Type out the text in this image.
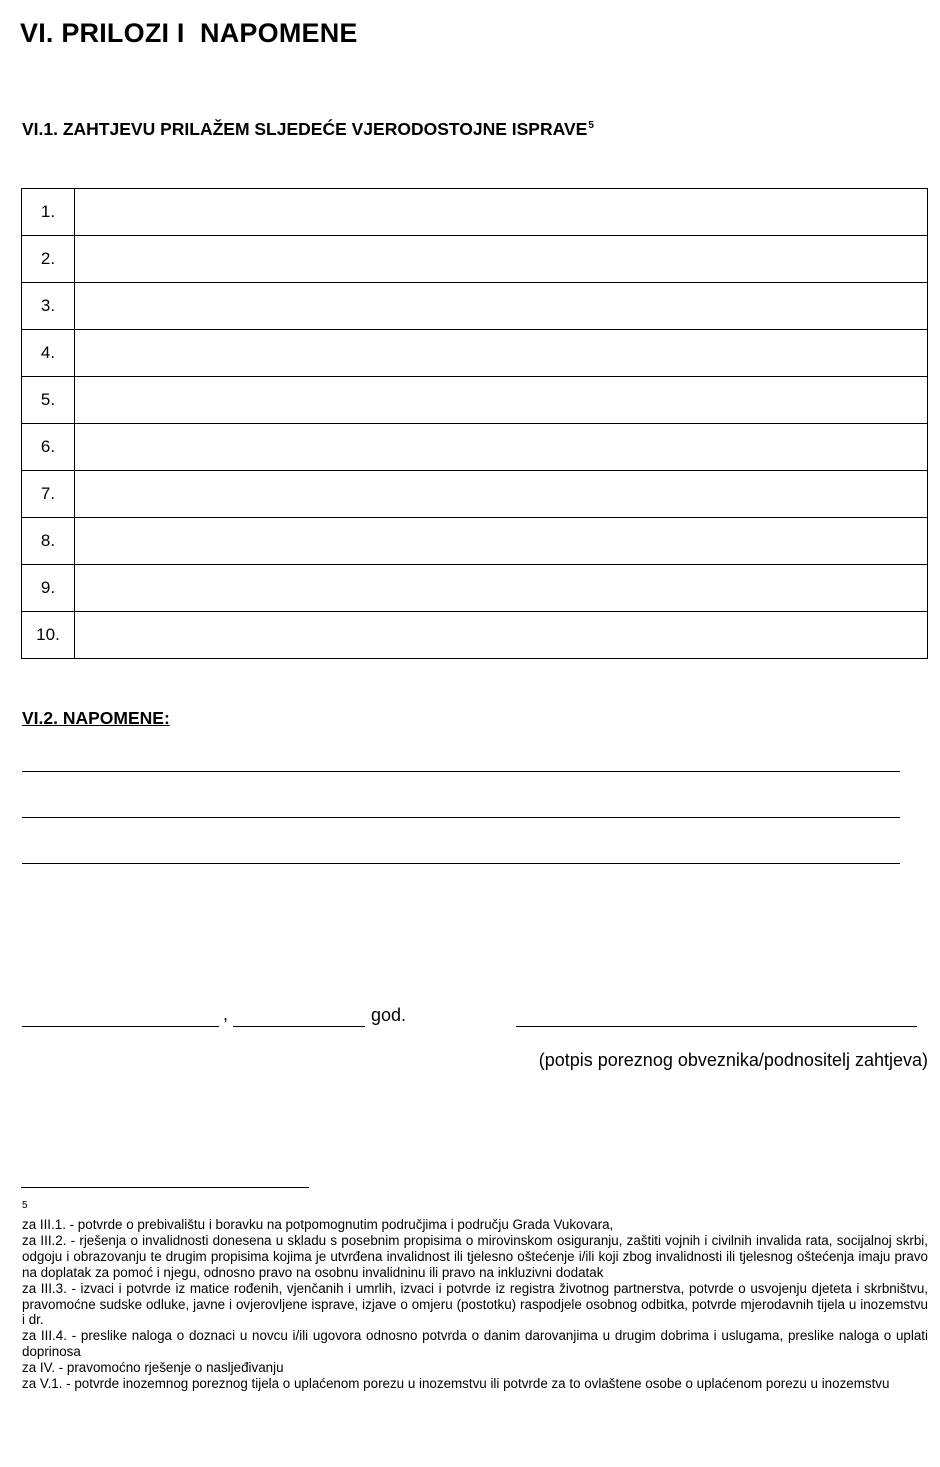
VI. PRILOZI I  NAPOMENE
VI.1. ZAHTJEVU PRILAŽEM SLJEDEĆE VJERODOSTOJNE ISPRAVE$^5$
1.	
2.	
3.	
4.	
5.	
6.	
7.	
8.	
9.	
10.	
VI.2. NAPOMENE:
,	god.
(potpis poreznog obveznika/podnositelj zahtjeva)
5

za III.1. - potvrde o prebivalištu i boravku na potpomognutim područjima i području Grada Vukovara,

za III.2. - rješenja o invalidnosti donesena u skladu s posebnim propisima o mirovinskom osiguranju, zaštiti vojnih i civilnih invalida rata, socijalnoj skrbi, odgoju i obrazovanju te drugim propisima kojima je utvrđena invalidnost ili tjelesno oštećenje i/ili koji zbog invalidnosti ili tjelesnog oštećenja imaju pravo na doplatak za pomoć i njegu, odnosno pravo na osobnu invalidninu ili pravo na inkluzivni dodatak

za III.3. - izvaci i potvrde iz matice rođenih, vjenčanih i umrlih, izvaci i potvrde iz registra životnog partnerstva, potvrde o usvojenju djeteta i skrbništvu, pravomoćne sudske odluke, javne i ovjerovljene isprave, izjave o omjeru (postotku) raspodjele osobnog odbitka, potvrde mjerodavnih tijela u inozemstvu i dr.

za III.4. - preslike naloga o doznaci u novcu i/ili ugovora odnosno potvrda o danim darovanjima u drugim dobrima i uslugama, preslike naloga o uplati doprinosa

za IV. - pravomoćno rješenje o nasljeđivanju

za V.1. - potvrde inozemnog poreznog tijela o uplaćenom porezu u inozemstvu ili potvrde za to ovlaštene osobe o uplaćenom porezu u inozemstvu
